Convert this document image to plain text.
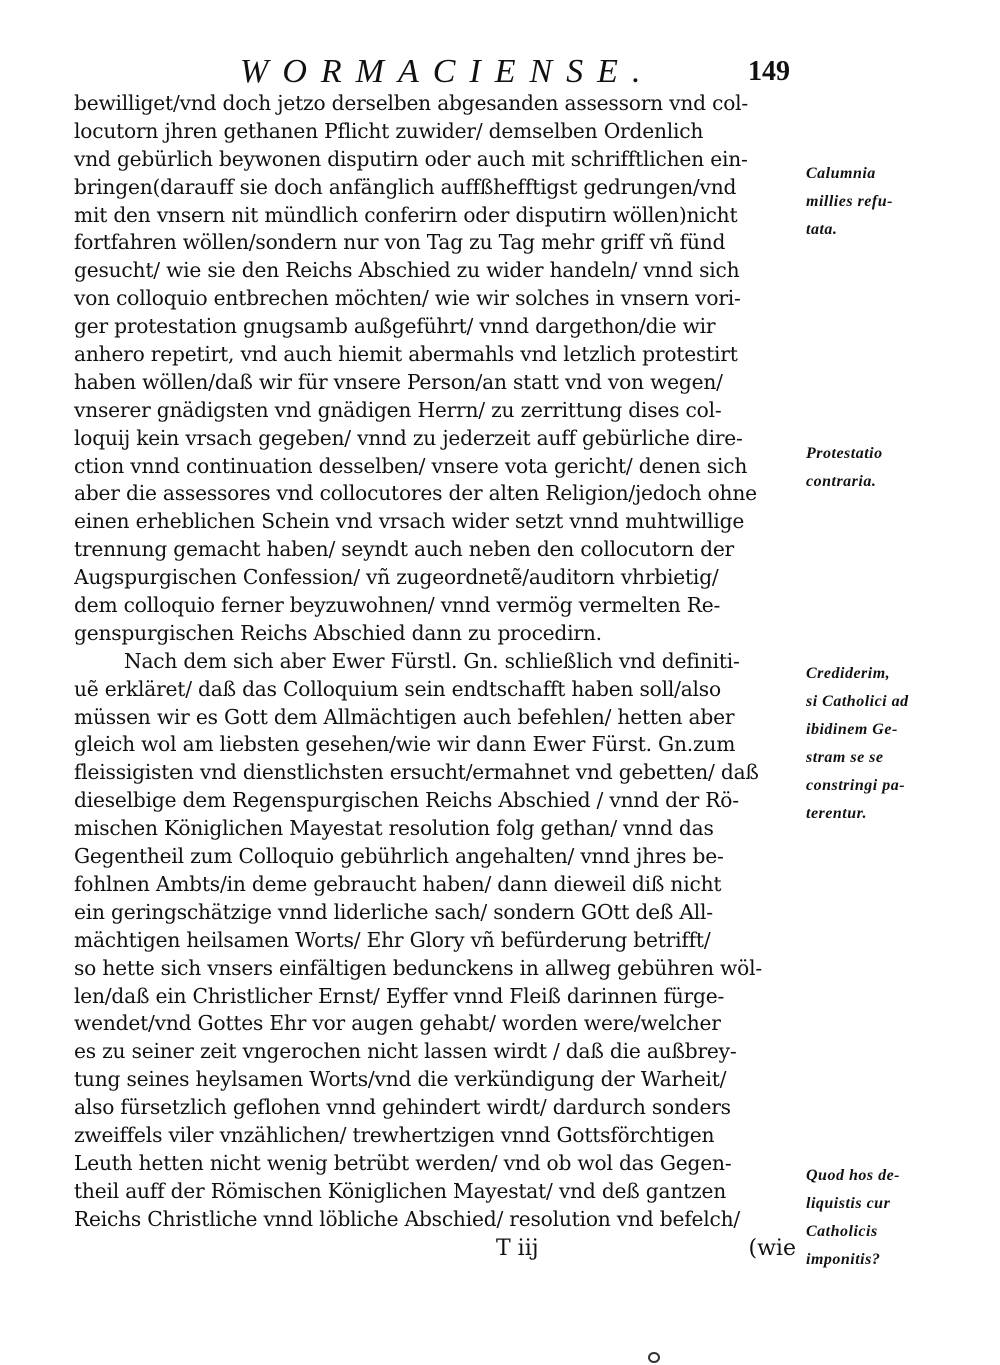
WORMACIENSE.	149
bewilliget/vnd doch jetzo derselben abgesanden assessorn vnd col-
locutorn jhren gethanen Pflicht zuwider/ demselben Ordenlich
vnd gebürlich beywonen disputirn oder auch mit schrifftlichen ein-
bringen(darauff sie doch anfänglich auffßhefftigst gedrungen/vnd
mit den vnsern nit mündlich conferirn oder disputirn wöllen)nicht
fortfahren wöllen/sondern nur von Tag zu Tag mehr griff vñ fünd
gesucht/ wie sie den Reichs Abschied zu wider handeln/ vnnd sich
von colloquio entbrechen möchten/ wie wir solches in vnsern vori-
ger protestation gnugsamb außgeführt/ vnnd dargethon/die wir
anhero repetirt, vnd auch hiemit abermahls vnd letzlich protestirt
haben wöllen/daß wir für vnsere Person/an statt vnd von wegen/
vnserer gnädigsten vnd gnädigen Herrn/ zu zerrittung dises col-
loquij kein vrsach gegeben/ vnnd zu jederzeit auff gebürliche dire-
ction vnnd continuation desselben/ vnsere vota gericht/ denen sich
aber die assessores vnd collocutores der alten Religion/jedoch ohne
einen erheblichen Schein vnd vrsach wider setzt vnnd muhtwillige
trennung gemacht haben/ seyndt auch neben den collocutorn der
Augspurgischen Confession/ vñ zugeordnetẽ/auditorn vhrbietig/
dem colloquio ferner beyzuwohnen/ vnnd vermög vermelten Re-
genspurgischen Reichs Abschied dann zu procedirn.
Nach dem sich aber Ewer Fürstl. Gn. schließlich vnd definiti-
uẽ erkläret/ daß das Colloquium sein endtschafft haben soll/also
müssen wir es Gott dem Allmächtigen auch befehlen/ hetten aber
gleich wol am liebsten gesehen/wie wir dann Ewer Fürst. Gn.zum
fleissigisten vnd dienstlichsten ersucht/ermahnet vnd gebetten/ daß
dieselbige dem Regenspurgischen Reichs Abschied / vnnd der Rö-
mischen Königlichen Mayestat resolution folg gethan/ vnnd das
Gegentheil zum Colloquio gebührlich angehalten/ vnnd jhres be-
fohlnen Ambts/in deme gebraucht haben/ dann dieweil diß nicht
ein geringschätzige vnnd liderliche sach/ sondern GOtt deß All-
mächtigen heilsamen Worts/ Ehr Glory vñ befürderung betrifft/
so hette sich vnsers einfältigen bedunckens in allweg gebühren wöl-
len/daß ein Christlicher Ernst/ Eyffer vnnd Fleiß darinnen fürge-
wendet/vnd Gottes Ehr vor augen gehabt/ worden were/welcher
es zu seiner zeit vngerochen nicht lassen wirdt / daß die außbrey-
tung seines heylsamen Worts/vnd die verkündigung der Warheit/
also fürsetzlich geflohen vnnd gehindert wirdt/ dardurch sonders
zweiffels viler vnzählichen/ trewhertzigen vnnd Gottsförchtigen
Leuth hetten nicht wenig betrübt werden/ vnd ob wol das Gegen-
theil auff der Römischen Königlichen Mayestat/ vnd deß gantzen
Reichs Christliche vnnd löbliche Abschied/ resolution vnd befelch/
Calumnia
millies refu-
tata.
Protestatio
contraria.
Crediderim,
si Catholici ad
ibidinem Ge-
stram se se
constringi pa-
terentur.
Quod hos de-
liquistis cur
Catholicis
imponitis?
T iij	(wie
